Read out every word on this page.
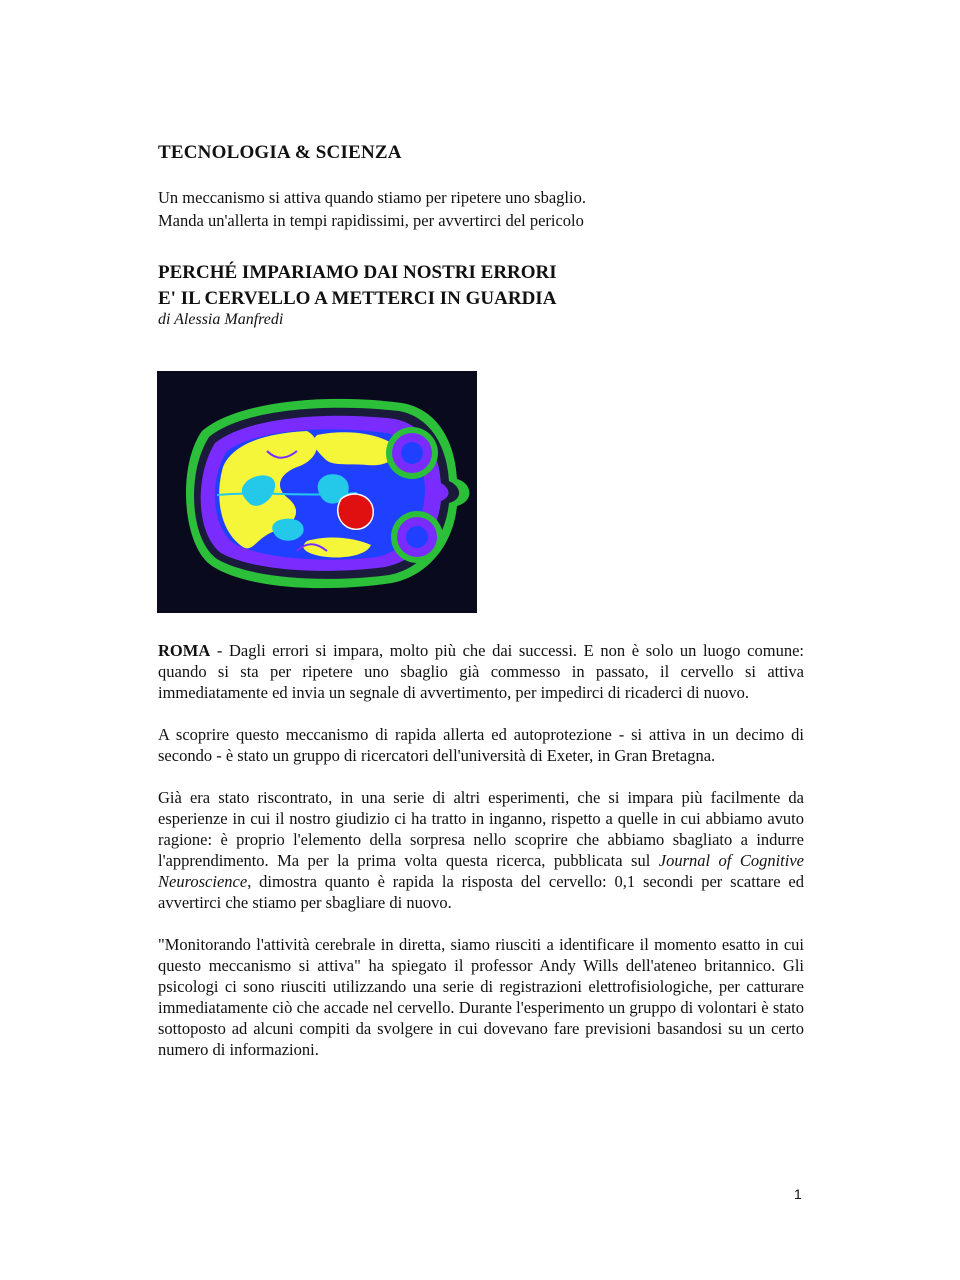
TECNOLOGIA & SCIENZA
Un meccanismo si attiva quando stiamo per ripetere uno sbaglio.
Manda un'allerta in tempi rapidissimi, per avvertirci del pericolo
PERCHÉ IMPARIAMO DAI NOSTRI ERRORI
E' IL CERVELLO A METTERCI IN GUARDIA

di Alessia Manfredi

ROMA - Dagli errori si impara, molto più che dai successi. E non è solo un luogo comune: quando si sta per ripetere uno sbaglio già commesso in passato, il cervello si attiva immediatamente ed invia un segnale di avvertimento, per impedirci di ricaderci di nuovo.

A scoprire questo meccanismo di rapida allerta ed autoprotezione - si attiva in un decimo di secondo - è stato un gruppo di ricercatori dell'università di Exeter, in Gran Bretagna.

Già era stato riscontrato, in una serie di altri esperimenti, che si impara più facilmente da esperienze in cui il nostro giudizio ci ha tratto in inganno, rispetto a quelle in cui abbiamo avuto ragione: è proprio l'elemento della sorpresa nello scoprire che abbiamo sbagliato a indurre l'apprendimento. Ma per la prima volta questa ricerca, pubblicata sul Journal of Cognitive Neuroscience, dimostra quanto è rapida la risposta del cervello: 0,1 secondi per scattare ed avvertirci che stiamo per sbagliare di nuovo.

"Monitorando l'attività cerebrale in diretta, siamo riusciti a identificare il momento esatto in cui questo meccanismo si attiva" ha spiegato il professor Andy Wills dell'ateneo britannico. Gli psicologi ci sono riusciti utilizzando una serie di registrazioni elettrofisiologiche, per catturare immediatamente ciò che accade nel cervello. Durante l'esperimento un gruppo di volontari è stato sottoposto ad alcuni compiti da svolgere in cui dovevano fare previsioni basandosi su un certo numero di informazioni.

1
